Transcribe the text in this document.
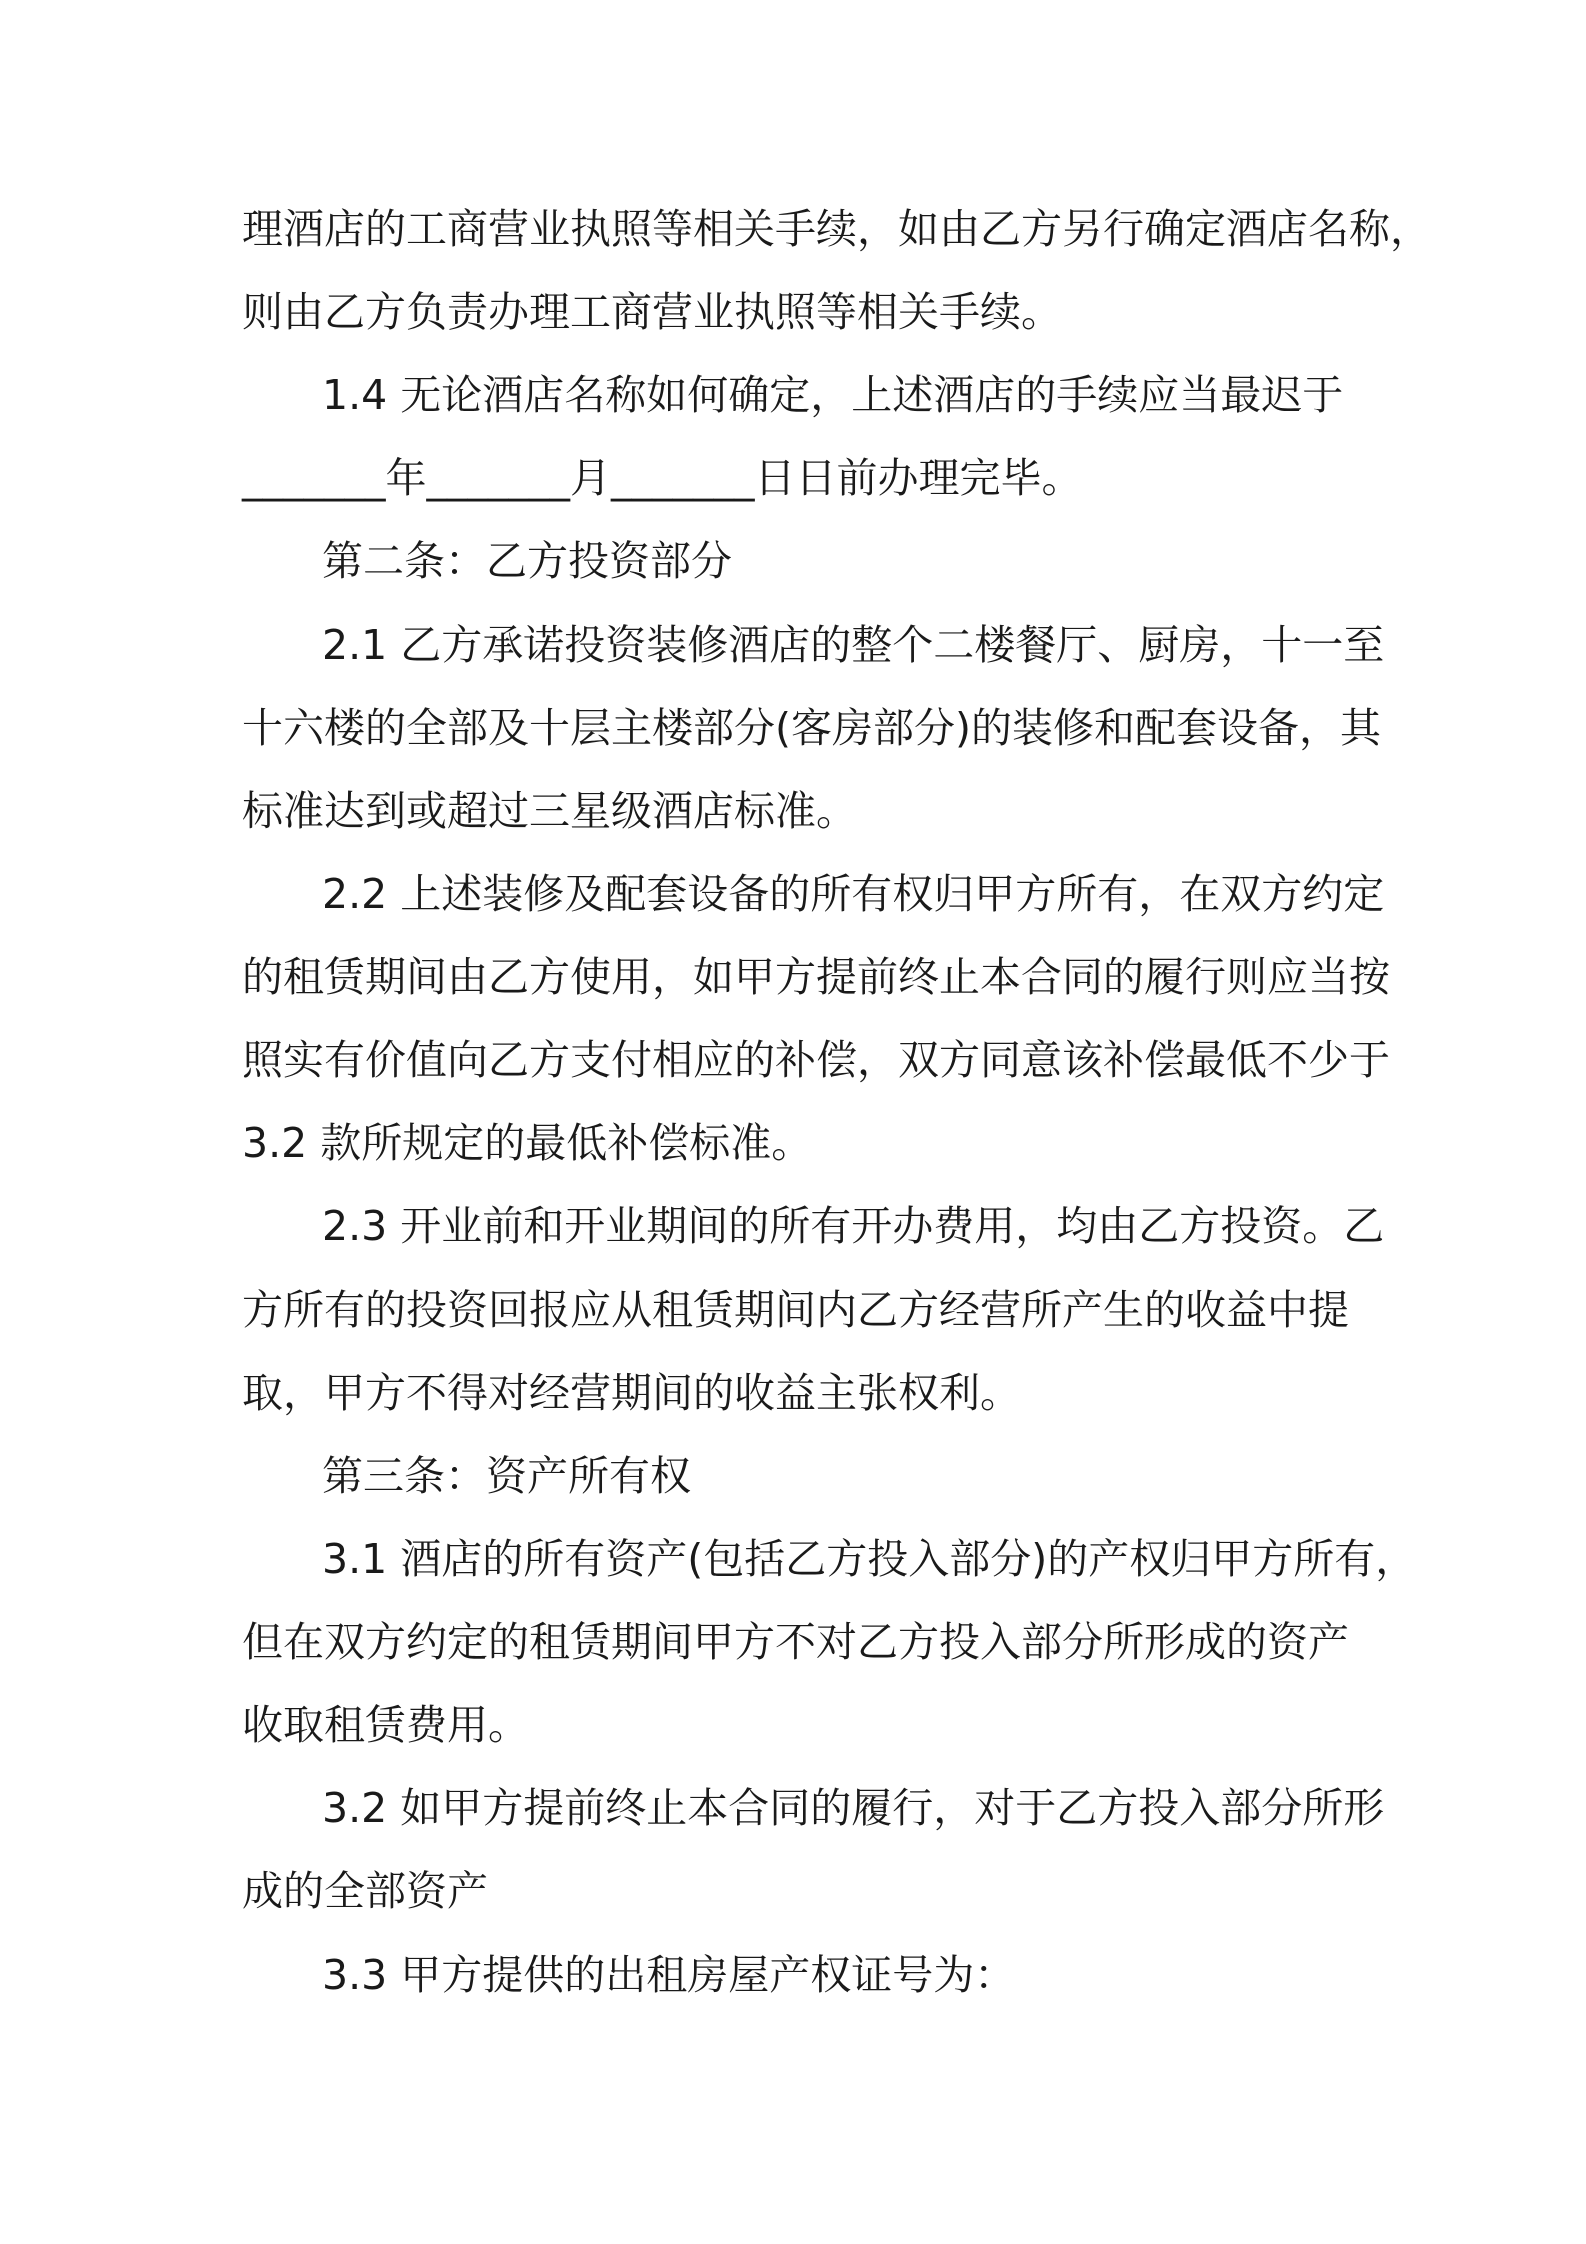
理酒店的工商营业执照等相关手续，如由乙方另行确定酒店名称，
则由乙方负责办理工商营业执照等相关手续。
1.4 无论酒店名称如何确定，上述酒店的手续应当最迟于
_______年_______月_______日日前办理完毕。
第二条：乙方投资部分
2.1 乙方承诺投资装修酒店的整个二楼餐厅、厨房，十一至
十六楼的全部及十层主楼部分(客房部分)的装修和配套设备，其
标准达到或超过三星级酒店标准。
2.2 上述装修及配套设备的所有权归甲方所有，在双方约定
的租赁期间由乙方使用，如甲方提前终止本合同的履行则应当按
照实有价值向乙方支付相应的补偿，双方同意该补偿最低不少于
3.2 款所规定的最低补偿标准。
2.3 开业前和开业期间的所有开办费用，均由乙方投资。乙
方所有的投资回报应从租赁期间内乙方经营所产生的收益中提
取，甲方不得对经营期间的收益主张权利。
第三条：资产所有权
3.1 酒店的所有资产(包括乙方投入部分)的产权归甲方所有，
但在双方约定的租赁期间甲方不对乙方投入部分所形成的资产
收取租赁费用。
3.2 如甲方提前终止本合同的履行，对于乙方投入部分所形
成的全部资产
3.3 甲方提供的出租房屋产权证号为：
